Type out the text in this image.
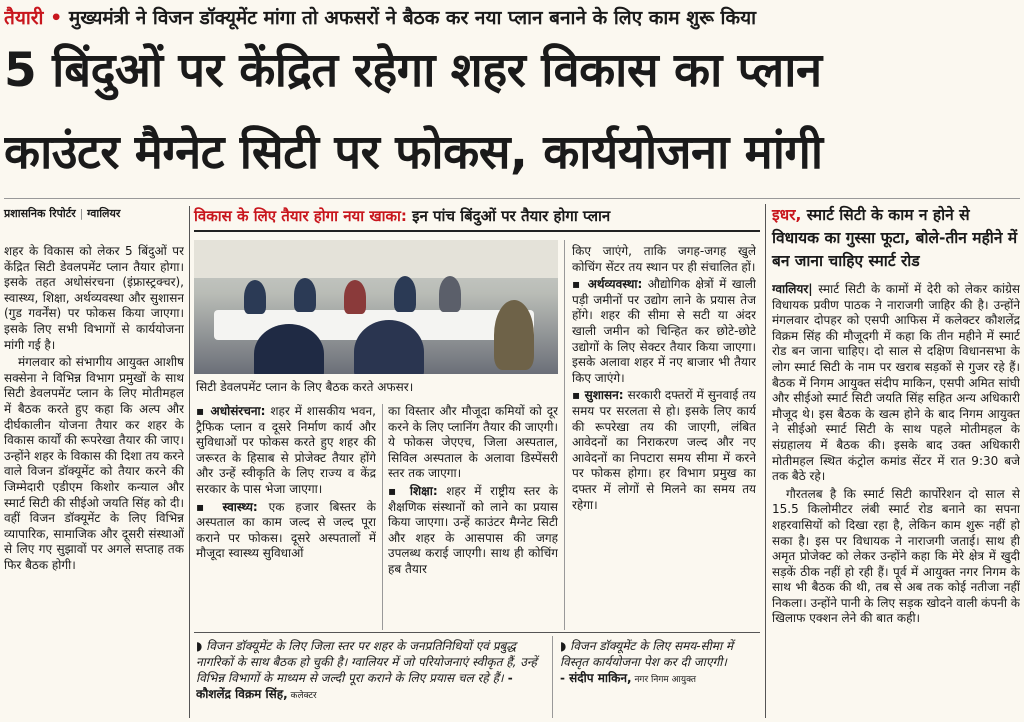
तैयारी • मुख्यमंत्री ने विजन डॉक्यूमेंट मांगा तो अफसरों ने बैठक कर नया प्लान बनाने के लिए काम शुरू किया
5 बिंदुओं पर केंद्रित रहेगा शहर विकास का प्लान
काउंटर मैग्नेट सिटी पर फोकस, कार्ययोजना मांगी
प्रशासनिक रिपोर्टर | ग्वालियर

शहर के विकास को लेकर 5 बिंदुओं पर केंद्रित सिटी डेवलपमेंट प्लान तैयार होगा। इसके तहत अधोसंरचना (इंफ्रास्ट्रक्चर), स्वास्थ्य, शिक्षा, अर्थव्यवस्था और सुशासन (गुड गवर्नेंस) पर फोकस किया जाएगा। इसके लिए सभी विभागों से कार्ययोजना मांगी गई है।

मंगलवार को संभागीय आयुक्त आशीष सक्सेना ने विभिन्न विभाग प्रमुखों के साथ सिटी डेवलपमेंट प्लान के लिए मोतीमहल में बैठक करते हुए कहा कि अल्प और दीर्घकालीन योजना तैयार कर शहर के विकास कार्यों की रूपरेखा तैयार की जाए। उन्होंने शहर के विकास की दिशा तय करने वाले विजन डॉक्यूमेंट को तैयार करने की जिम्मेदारी एडीएम किशोर कन्याल और स्मार्ट सिटी की सीईओ जयति सिंह को दी। वहीं विजन डॉक्यूमेंट के लिए विभिन्न व्यापारिक, सामाजिक और दूसरी संस्थाओं से लिए गए सुझावों पर अगले सप्ताह तक फिर बैठक होगी।

विकास के लिए तैयार होगा नया खाका: इन पांच बिंदुओं पर तैयार होगा प्लान
सिटी डेवलपमेंट प्लान के लिए बैठक करते अफसर।

▪ अधोसंरचना: शहर में शासकीय भवन, ट्रैफिक प्लान व दूसरे निर्माण कार्य और सुविधाओं पर फोकस करते हुए शहर की जरूरत के हिसाब से प्रोजेक्ट तैयार होंगे और उन्हें स्वीकृति के लिए राज्य व केंद्र सरकार के पास भेजा जाएगा।

▪ स्वास्थ्य: एक हजार बिस्तर के अस्पताल का काम जल्द से जल्द पूरा कराने पर फोकस। दूसरे अस्पतालों में मौजूदा स्वास्थ्य सुविधाओं

का विस्तार और मौजूदा कमियों को दूर करने के लिए प्लानिंग तैयार की जाएगी। ये फोकस जेएएच, जिला अस्पताल, सिविल अस्पताल के अलावा डिस्पेंसरी स्तर तक जाएगा।

▪ शिक्षा: शहर में राष्ट्रीय स्तर के शैक्षणिक संस्थानों को लाने का प्रयास किया जाएगा। उन्हें काउंटर मैग्नेट सिटी और शहर के आसपास की जगह उपलब्ध कराई जाएगी। साथ ही कोचिंग हब तैयार

किए जाएंगे, ताकि जगह-जगह खुले कोचिंग सेंटर तय स्थान पर ही संचालित हों।

▪ अर्थव्यवस्था: औद्योगिक क्षेत्रों में खाली पड़ी जमीनों पर उद्योग लाने के प्रयास तेज होंगे। शहर की सीमा से सटी या अंदर खाली जमीन को चिन्हित कर छोटे-छोटे उद्योगों के लिए सेक्टर तैयार किया जाएगा। इसके अलावा शहर में नए बाजार भी तैयार किए जाएंगे।

▪ सुशासन: सरकारी दफ्तरों में सुनवाई तय समय पर सरलता से हो। इसके लिए कार्य की रूपरेखा तय की जाएगी, लंबित आवेदनों का निराकरण जल्द और नए आवेदनों का निपटारा समय सीमा में करने पर फोकस होगा। हर विभाग प्रमुख का दफ्तर में लोगों से मिलने का समय तय रहेगा।

◗ विजन डॉक्यूमेंट के लिए जिला स्तर पर शहर के जनप्रतिनिधियों एवं प्रबुद्ध नागरिकों के साथ बैठक हो चुकी है। ग्वालियर में जो परियोजनाएं स्वीकृत हैं, उन्हें विभिन्न विभागों के माध्यम से जल्दी पूरा कराने के लिए प्रयास चल रहे हैं। - कौशलेंद्र विक्रम सिंह, कलेक्टर
◗ विजन डॉक्यूमेंट के लिए समय-सीमा में विस्तृत कार्ययोजना पेश कर दी जाएगी।
- संदीप माकिन, नगर निगम आयुक्त
इधर, स्मार्ट सिटी के काम न होने से विधायक का गुस्सा फूटा, बोले-तीन महीने में बन जाना चाहिए स्मार्ट रोड

ग्वालियर| स्मार्ट सिटी के कामों में देरी को लेकर कांग्रेस विधायक प्रवीण पाठक ने नाराजगी जाहिर की है। उन्होंने मंगलवार दोपहर को एसपी आफिस में कलेक्टर कौशलेंद्र विक्रम सिंह की मौजूदगी में कहा कि तीन महीने में स्मार्ट रोड बन जाना चाहिए। दो साल से दक्षिण विधानसभा के लोग स्मार्ट सिटी के नाम पर खराब सड़कों से गुजर रहे हैं। बैठक में निगम आयुक्त संदीप माकिन, एसपी अमित सांघी और सीईओ स्मार्ट सिटी जयति सिंह सहित अन्य अधिकारी मौजूद थे। इस बैठक के खत्म होने के बाद निगम आयुक्त ने सीईओ स्मार्ट सिटी के साथ पहले मोतीमहल के संग्रहालय में बैठक की। इसके बाद उक्त अधिकारी मोतीमहल स्थित कंट्रोल कमांड सेंटर में रात 9:30 बजे तक बैठे रहे।

गौरतलब है कि स्मार्ट सिटी कार्पोरेशन दो साल से 15.5 किलोमीटर लंबी स्मार्ट रोड बनाने का सपना शहरवासियों को दिखा रहा है, लेकिन काम शुरू नहीं हो सका है। इस पर विधायक ने नाराजगी जताई। साथ ही अमृत प्रोजेक्ट को लेकर उन्होंने कहा कि मेरे क्षेत्र में खुदी सड़कें ठीक नहीं हो रही हैं। पूर्व में आयुक्त नगर निगम के साथ भी बैठक की थी, तब से अब तक कोई नतीजा नहीं निकला। उन्होंने पानी के लिए सड़क खोदने वाली कंपनी के खिलाफ एक्शन लेने की बात कही।
